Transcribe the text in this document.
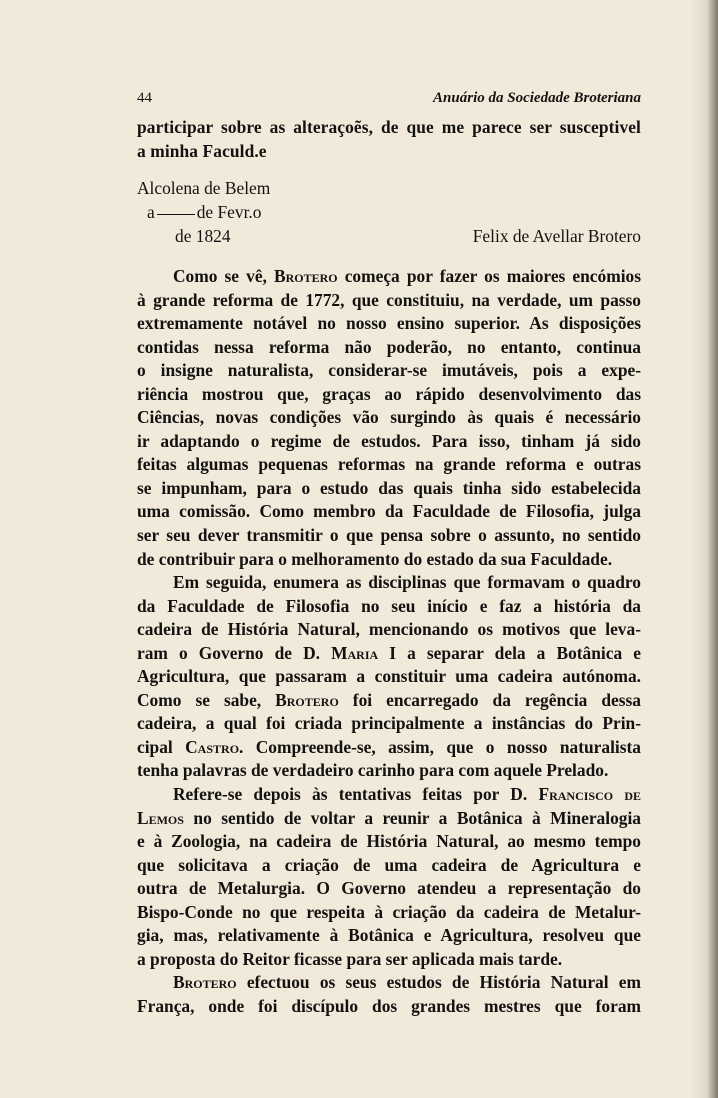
44	Anuário da Sociedade Broteriana
participar sobre as alteraçoẽs, de que me parece ser susceptivel
a minha Faculd.e
Alcolena de Belem
a de Fevr.o
de 1824	Felix de Avellar Brotero
Como se vê, Brotero começa por fazer os maiores encómios
à grande reforma de 1772, que constituiu, na verdade, um passo
extremamente notável no nosso ensino superior. As disposições
contidas nessa reforma não poderão, no entanto, continua
o insigne naturalista, considerar-se imutáveis, pois a expe-
riência mostrou que, graças ao rápido desenvolvimento das
Ciências, novas condições vão surgindo às quais é necessário
ir adaptando o regime de estudos. Para isso, tinham já sido
feitas algumas pequenas reformas na grande reforma e outras
se impunham, para o estudo das quais tinha sido estabelecida
uma comissão. Como membro da Faculdade de Filosofia, julga
ser seu dever transmitir o que pensa sobre o assunto, no sentido
de contribuir para o melhoramento do estado da sua Faculdade.
Em seguida, enumera as disciplinas que formavam o quadro
da Faculdade de Filosofia no seu início e faz a história da
cadeira de História Natural, mencionando os motivos que leva-
ram o Governo de D. Maria I a separar dela a Botânica e
Agricultura, que passaram a constituir uma cadeira autónoma.
Como se sabe, Brotero foi encarregado da regência dessa
cadeira, a qual foi criada principalmente a instâncias do Prin-
cipal Castro. Compreende-se, assim, que o nosso naturalista
tenha palavras de verdadeiro carinho para com aquele Prelado.
Refere-se depois às tentativas feitas por D. Francisco de
Lemos no sentido de voltar a reunir a Botânica à Mineralogia
e à Zoologia, na cadeira de História Natural, ao mesmo tempo
que solicitava a criação de uma cadeira de Agricultura e
outra de Metalurgia. O Governo atendeu a representação do
Bispo-Conde no que respeita à criação da cadeira de Metalur-
gia, mas, relativamente à Botânica e Agricultura, resolveu que
a proposta do Reitor ficasse para ser aplicada mais tarde.
Brotero efectuou os seus estudos de História Natural em
França, onde foi discípulo dos grandes mestres que foram
